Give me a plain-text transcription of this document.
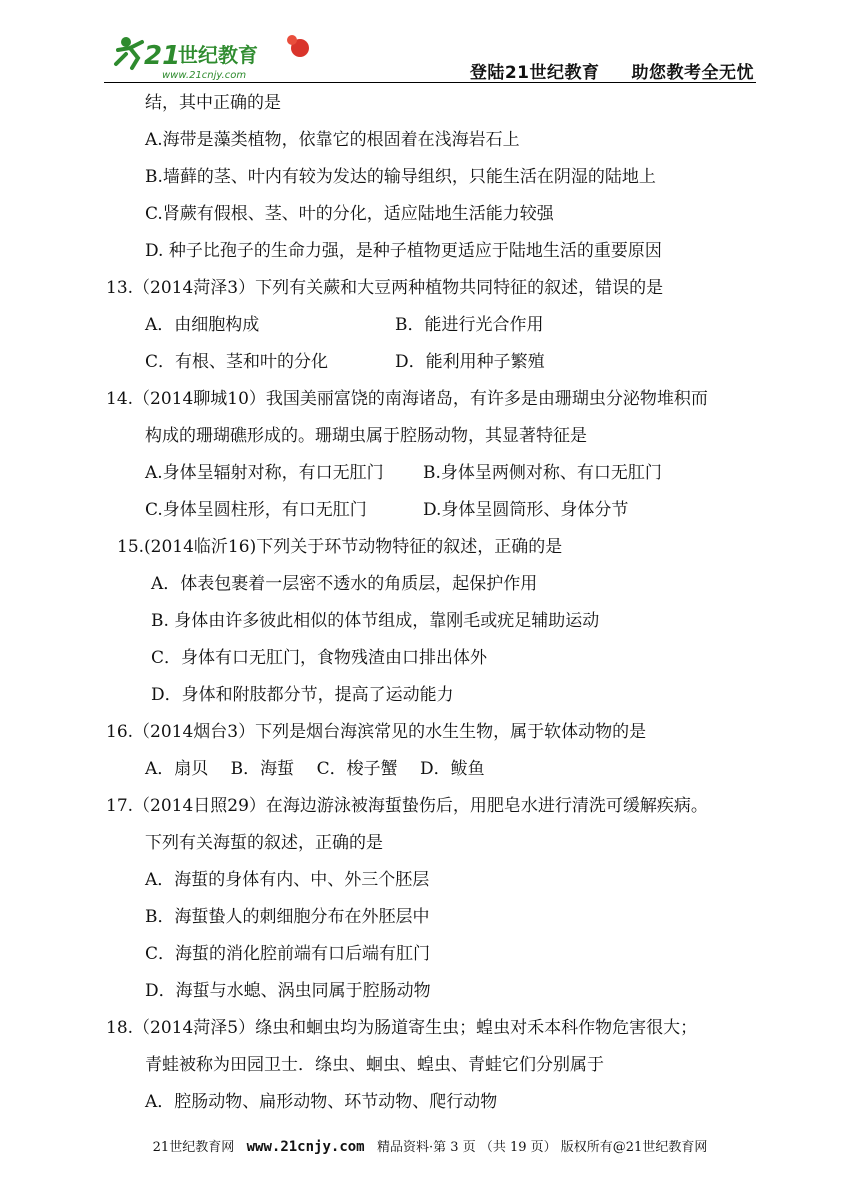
21
世纪教育
www.21cnjy.com	登陆21世纪教育 助您教考全无忧
结，其中正确的是
A.海带是藻类植物，依靠它的根固着在浅海岩石上
B.墙藓的茎、叶内有较为发达的输导组织，只能生活在阴湿的陆地上
C.肾蕨有假根、茎、叶的分化，适应陆地生活能力较强
D. 种子比孢子的生命力强，是种子植物更适应于陆地生活的重要原因
13.（2014菏泽3）下列有关蕨和大豆两种植物共同特征的叙述，错误的是
A．由细胞构成	B．能进行光合作用
C．有根、茎和叶的分化	D．能利用种子繁殖
14.（2014聊城10）我国美丽富饶的南海诸岛，有许多是由珊瑚虫分泌物堆积而
构成的珊瑚礁形成的。珊瑚虫属于腔肠动物，其显著特征是
A.身体呈辐射对称，有口无肛门 B.身体呈两侧对称、有口无肛门
C.身体呈圆柱形，有口无肛门	D.身体呈圆筒形、身体分节
15.(2014临沂16)下列关于环节动物特征的叙述，正确的是
A．体表包裹着一层密不透水的角质层，起保护作用
B. 身体由许多彼此相似的体节组成，靠刚毛或疣足辅助运动
C．身体有口无肛门，食物残渣由口排出体外
D．身体和附肢都分节，提高了运动能力
16.（2014烟台3）下列是烟台海滨常见的水生生物，属于软体动物的是
A．扇贝　 B．海蜇　 C．梭子蟹　 D．鲅鱼
17.（2014日照29）在海边游泳被海蜇蛰伤后，用肥皂水进行清洗可缓解疾病。
下列有关海蜇的叙述，正确的是
A．海蜇的身体有内、中、外三个胚层
B．海蜇蛰人的刺细胞分布在外胚层中
C．海蜇的消化腔前端有口后端有肛门
D．海蜇与水螅、涡虫同属于腔肠动物
18.（2014菏泽5）绦虫和蛔虫均为肠道寄生虫；蝗虫对禾本科作物危害很大；
青蛙被称为田园卫士．绦虫、蛔虫、蝗虫、青蛙它们分别属于
A．腔肠动物、扁形动物、环节动物、爬行动物
21世纪教育网 www.21cnjy.com 精品资料·第 3 页 （共 19 页） 版权所有@21世纪教育网
